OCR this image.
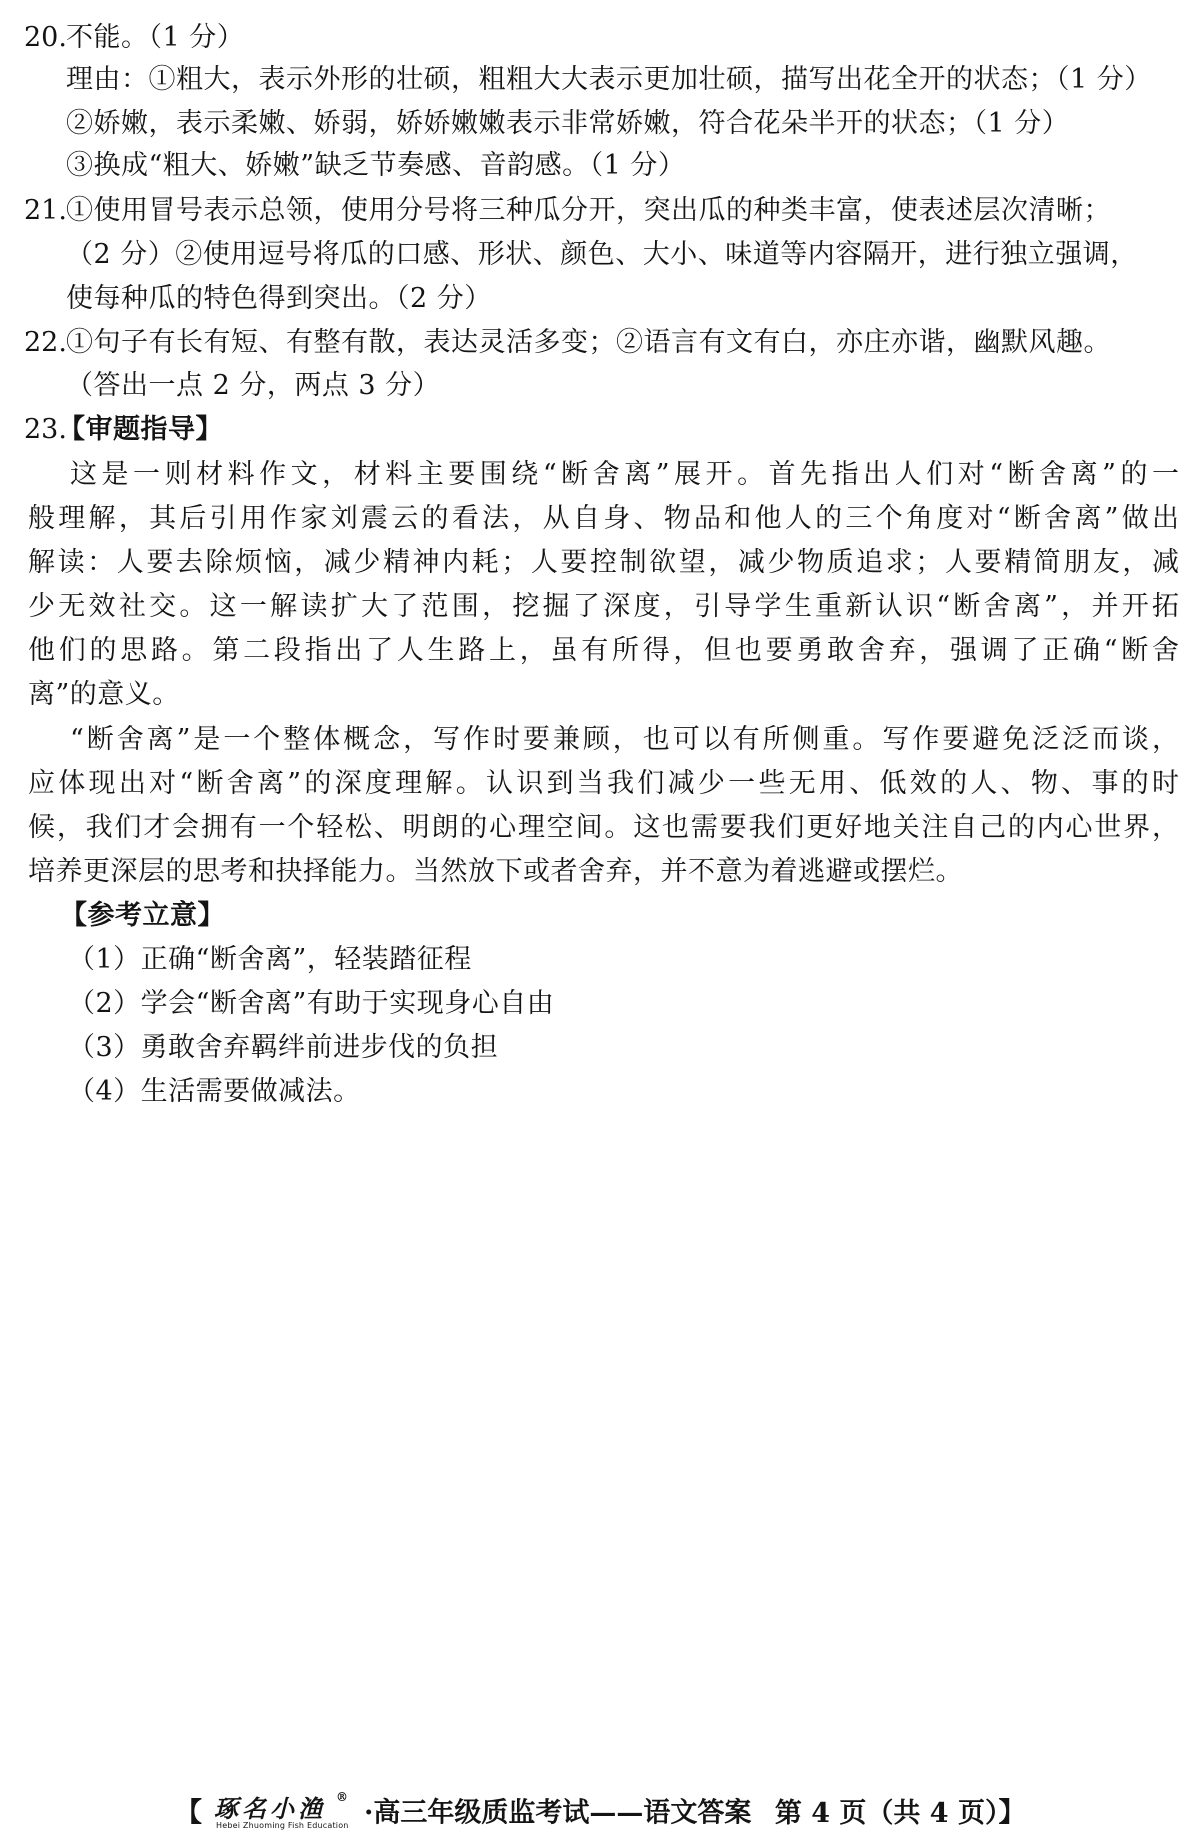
20. 不能。（1 分）
理由：①粗大，表示外形的壮硕，粗粗大大表示更加壮硕，描写出花全开的状态；（1 分）
②娇嫩，表示柔嫩、娇弱，娇娇嫩嫩表示非常娇嫩，符合花朵半开的状态；（1 分）
③换成“粗大、娇嫩”缺乏节奏感、音韵感。（1 分）
21. ①使用冒号表示总领，使用分号将三种瓜分开，突出瓜的种类丰富，使表述层次清晰；
（2 分）②使用逗号将瓜的口感、形状、颜色、大小、味道等内容隔开，进行独立强调，
使每种瓜的特色得到突出。（2 分）
22. ①句子有长有短、有整有散，表达灵活多变；②语言有文有白，亦庄亦谐，幽默风趣。
（答出一点 2 分，两点 3 分）
23.
【审题指导】
这是一则材料作文，材料主要围绕“断舍离”展开。首先指出人们对“断舍离”的一
般理解，其后引用作家刘震云的看法，从自身、物品和他人的三个角度对“断舍离”做出
解读：人要去除烦恼，减少精神内耗；人要控制欲望，减少物质追求；人要精简朋友，减
少无效社交。这一解读扩大了范围，挖掘了深度，引导学生重新认识“断舍离”，并开拓
他们的思路。第二段指出了人生路上，虽有所得，但也要勇敢舍弃，强调了正确“断舍
离”的意义。
“断舍离”是一个整体概念，写作时要兼顾，也可以有所侧重。写作要避免泛泛而谈，
应体现出对“断舍离”的深度理解。认识到当我们减少一些无用、低效的人、物、事的时
候，我们才会拥有一个轻松、明朗的心理空间。这也需要我们更好地关注自己的内心世界，
培养更深层的思考和抉择能力。当然放下或者舍弃，并不意为着逃避或摆烂。
【参考立意】
（1）正确“断舍离”，轻装踏征程
（2）学会“断舍离”有助于实现身心自由
（3）勇敢舍弃羁绊前进步伐的负担
（4）生活需要做减法。
【 琢名小渔 ®
Hebei Zhuoming Fish Education ·高三年级质监考试——语文答案 第 4 页（共 4 页）】
